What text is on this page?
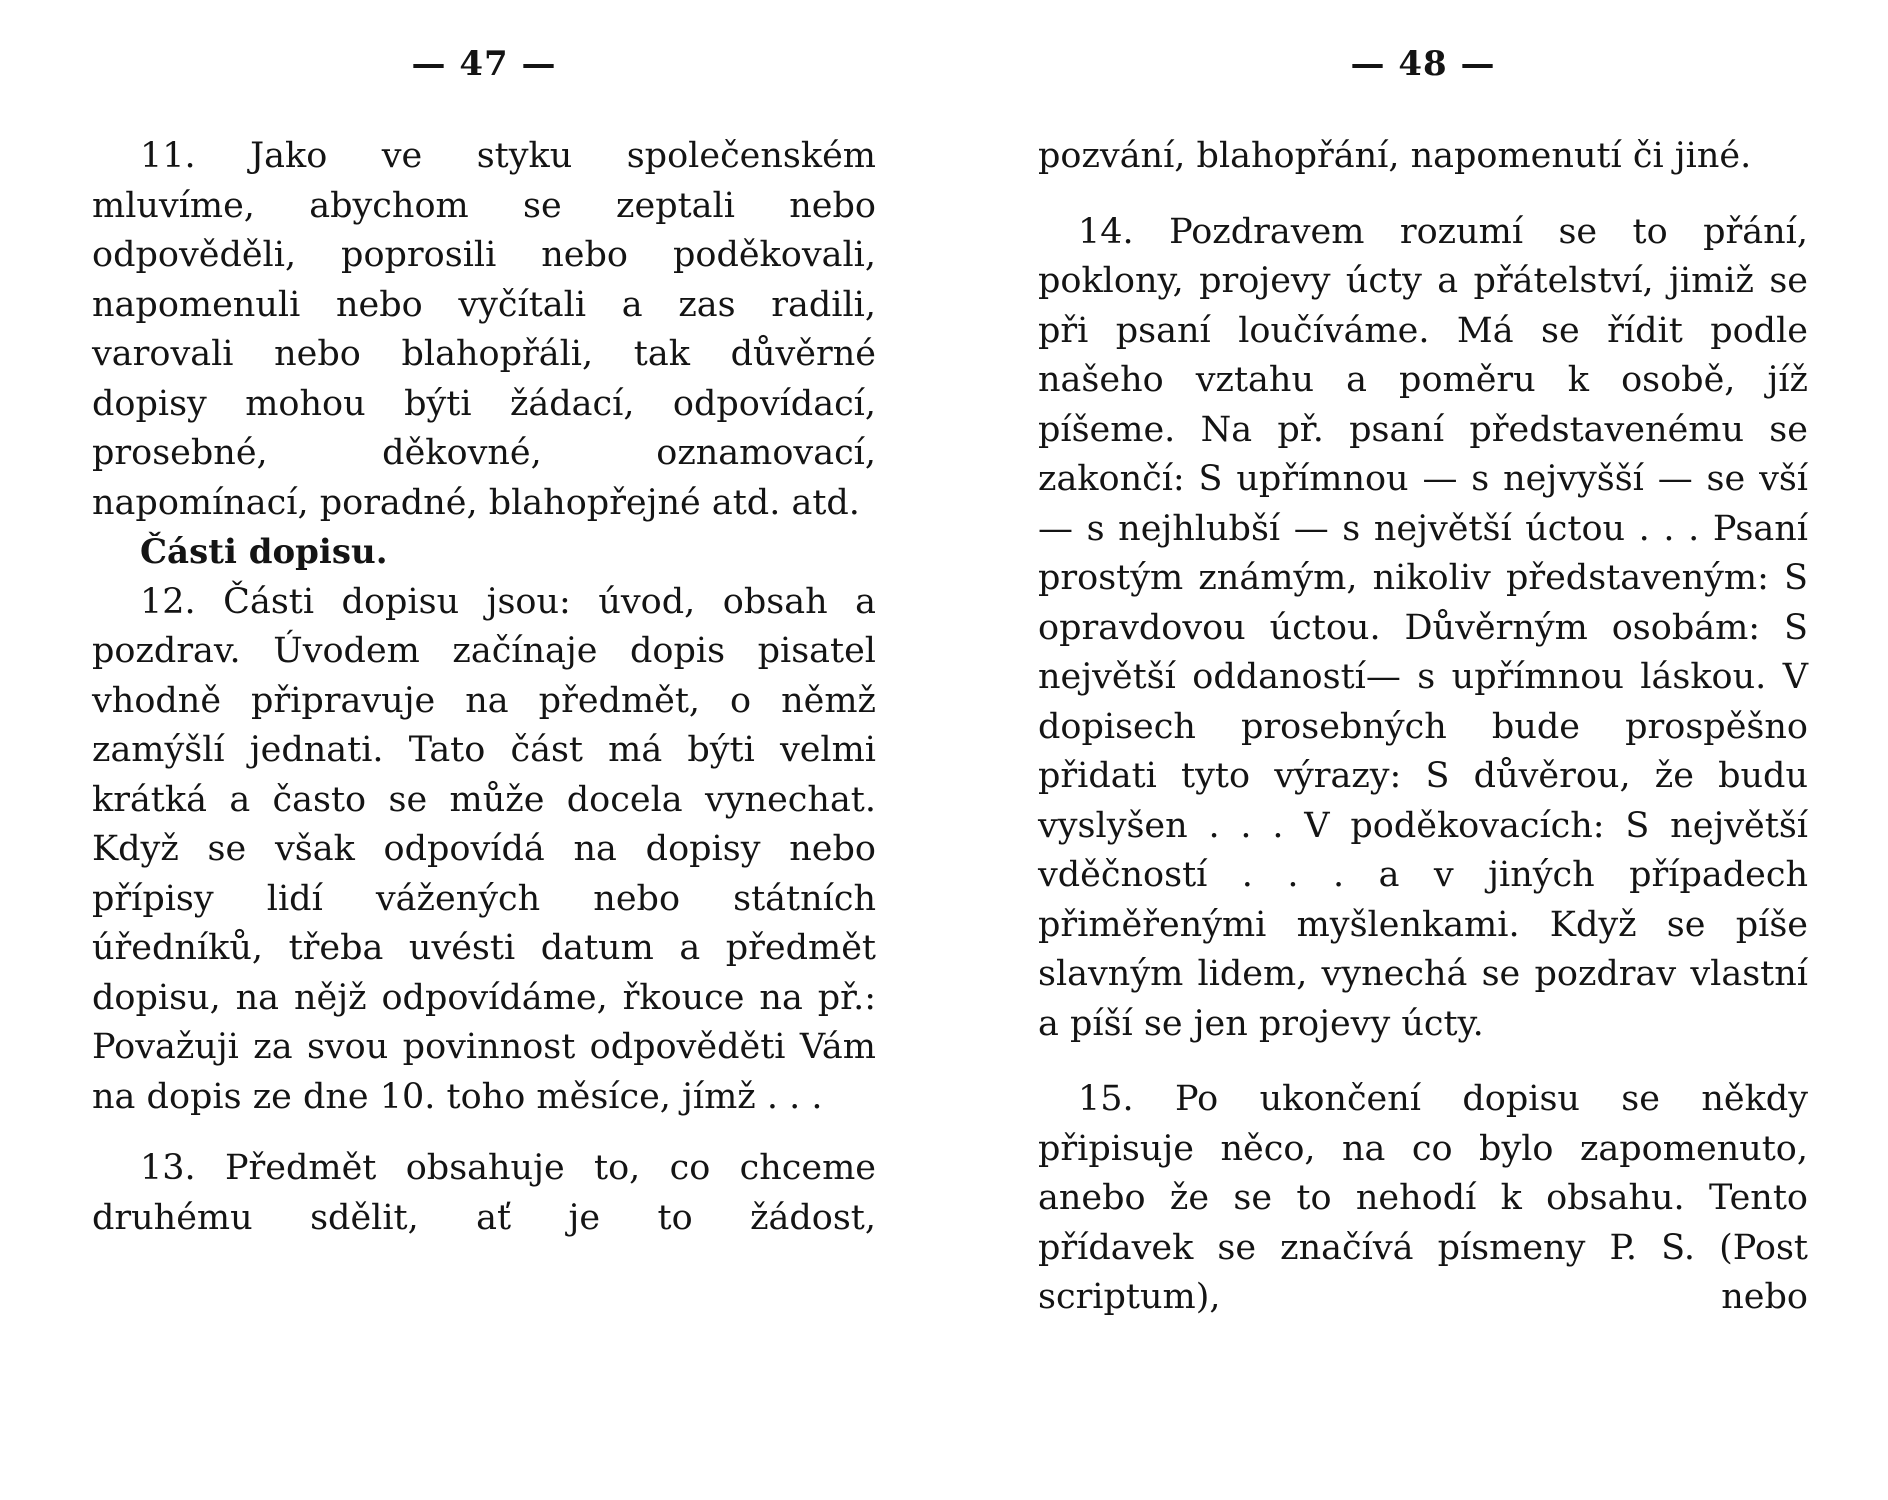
— 47 —

11. Jako ve styku společenském mluvíme, abychom se zeptali nebo odpověděli, poprosili nebo poděkovali, napomenuli nebo vyčítali a zas radili, varovali nebo blahopřáli, tak důvěrné dopisy mohou býti žádací, odpovídací, prosebné, děkovné, oznamovací, napomínací, poradné, blahopřejné atd. atd.

Části dopisu.

12. Části dopisu jsou: úvod, obsah a pozdrav. Úvodem začínaje dopis pisatel vhodně připravuje na předmět, o němž zamýšlí jednati. Tato část má býti velmi krátká a často se může docela vynechat. Když se však odpovídá na dopisy nebo přípisy lidí vážených nebo státních úředníků, třeba uvésti datum a předmět dopisu, na nějž odpovídáme, řkouce na př.: Považuji za svou povinnost odpověděti Vám na dopis ze dne 10. toho měsíce, jímž . . .

13. Předmět obsahuje to, co chceme druhému sdělit, ať je to žádost,

— 48 —

pozvání, blahopřání, napomenutí či jiné.

14. Pozdravem rozumí se to přání, poklony, projevy úcty a přátelství, jimiž se při psaní loučíváme. Má se řídit podle našeho vztahu a poměru k osobě, jíž píšeme. Na př. psaní představenému se zakončí: S upřímnou — s nejvyšší — se vší — s nejhlubší — s největší úctou . . . Psaní prostým známým, nikoliv představeným: S opravdovou úctou. Důvěrným osobám: S největší oddaností— s upřímnou láskou. V dopisech prosebných bude prospěšno přidati tyto výrazy: S důvěrou, že budu vyslyšen . . . V poděkovacích: S největší vděčností . . . a v jiných případech přiměřenými myšlenkami. Když se píše slavným lidem, vynechá se pozdrav vlastní a píší se jen projevy úcty.

15. Po ukončení dopisu se někdy připisuje něco, na co bylo zapomenuto, anebo že se to nehodí k obsahu. Tento přídavek se značívá písmeny P. S. (Post scriptum), nebo
